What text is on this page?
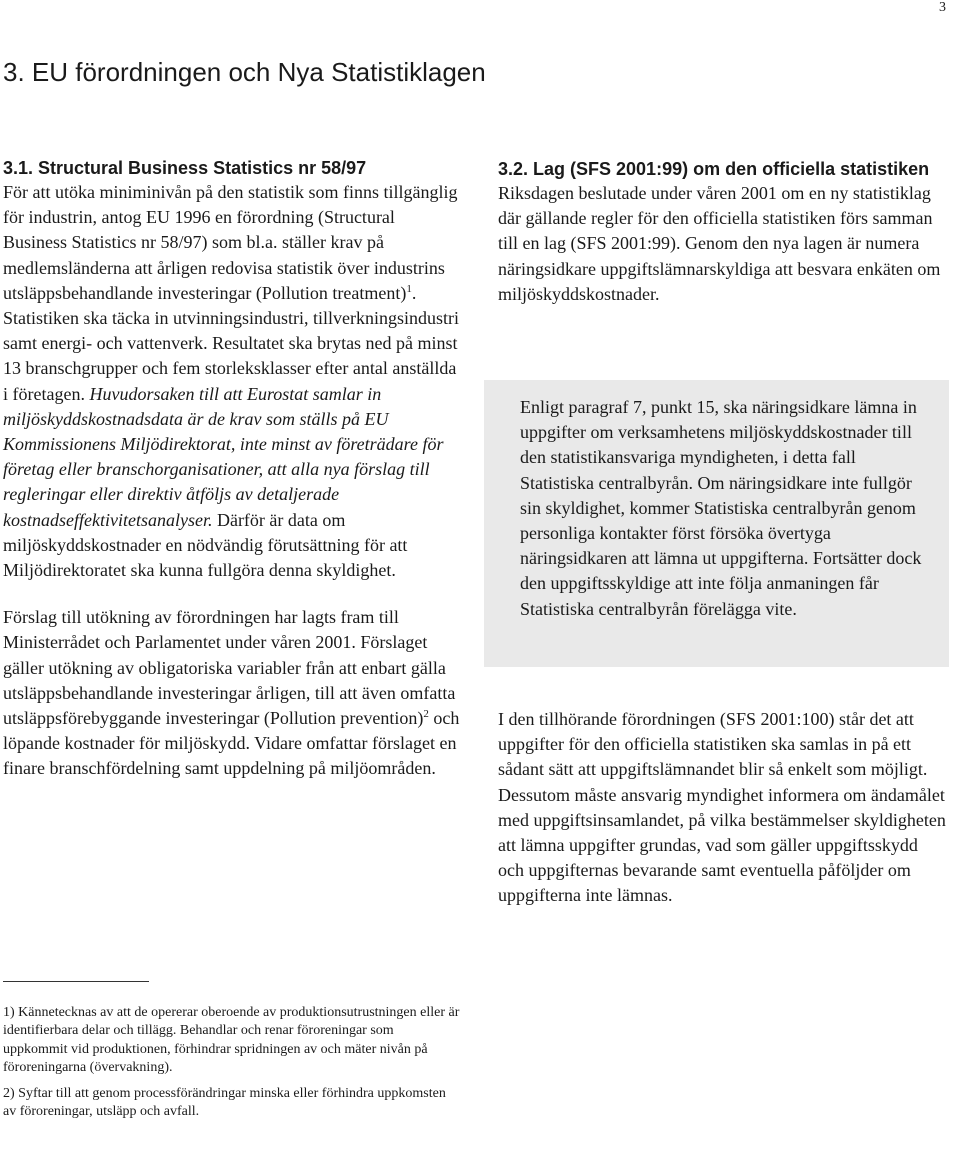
3
3. EU förordningen och Nya Statistiklagen
3.1. Structural Business Statistics nr 58/97

För att utöka miniminivån på den statistik som finns tillgänglig för industrin, antog EU 1996 en förordning (Structural Business Statistics nr 58/97) som bl.a. ställer krav på medlemsländerna att årligen redovisa statistik över industrins utsläppsbehandlande investeringar (Pollution treatment)$^1$. Statistiken ska täcka in utvinningsindustri, tillverkningsindustri samt energi- och vattenverk. Resultatet ska brytas ned på minst 13 branschgrupper och fem storleksklasser efter antal anställda i företagen. Huvudorsaken till att Eurostat samlar in miljöskyddskostnadsdata är de krav som ställs på EU Kommissionens Miljödirektorat, inte minst av företrädare för företag eller branschorganisationer, att alla nya förslag till regleringar eller direktiv åtföljs av detaljerade kostnadseffektivitetsanalyser. Därför är data om miljöskyddskostnader en nödvändig förutsättning för att Miljödirektoratet ska kunna fullgöra denna skyldighet.

Förslag till utökning av förordningen har lagts fram till Ministerrådet och Parlamentet under våren 2001. Förslaget gäller utökning av obligatoriska variabler från att enbart gälla utsläppsbehandlande investeringar årligen, till att även omfatta utsläppsförebyggande investeringar (Pollution prevention)$^2$ och löpande kostnader för miljöskydd. Vidare omfattar förslaget en finare branschfördelning samt uppdelning på miljöområden.

3.2. Lag (SFS 2001:99) om den officiella statistiken

Riksdagen beslutade under våren 2001 om en ny statistiklag där gällande regler för den officiella statistiken förs samman till en lag (SFS 2001:99). Genom den nya lagen är numera näringsidkare uppgiftslämnarskyldiga att besvara enkäten om miljöskyddskostnader.

Enligt paragraf 7, punkt 15, ska näringsidkare lämna in uppgifter om verksamhetens miljöskyddskostnader till den statistikansvariga myndigheten, i detta fall Statistiska centralbyrån. Om näringsidkare inte fullgör sin skyldighet, kommer Statistiska centralbyrån genom personliga kontakter först försöka övertyga näringsidkaren att lämna ut uppgifterna. Fortsätter dock den uppgiftsskyldige att inte följa anmaningen får Statistiska centralbyrån förelägga vite.

I den tillhörande förordningen (SFS 2001:100) står det att uppgifter för den officiella statistiken ska samlas in på ett sådant sätt att uppgiftslämnandet blir så enkelt som möjligt. Dessutom måste ansvarig myndighet informera om ändamålet med uppgiftsinsamlandet, på vilka bestämmelser skyldigheten att lämna uppgifter grundas, vad som gäller uppgiftsskydd och uppgifternas bevarande samt eventuella påföljder om uppgifterna inte lämnas.

1) Kännetecknas av att de opererar oberoende av produktionsutrustningen eller är identifierbara delar och tillägg. Behandlar och renar föroreningar som uppkommit vid produktionen, förhindrar spridningen av och mäter nivån på föroreningarna (övervakning).

2) Syftar till att genom processförändringar minska eller förhindra uppkomsten av föroreningar, utsläpp och avfall.
